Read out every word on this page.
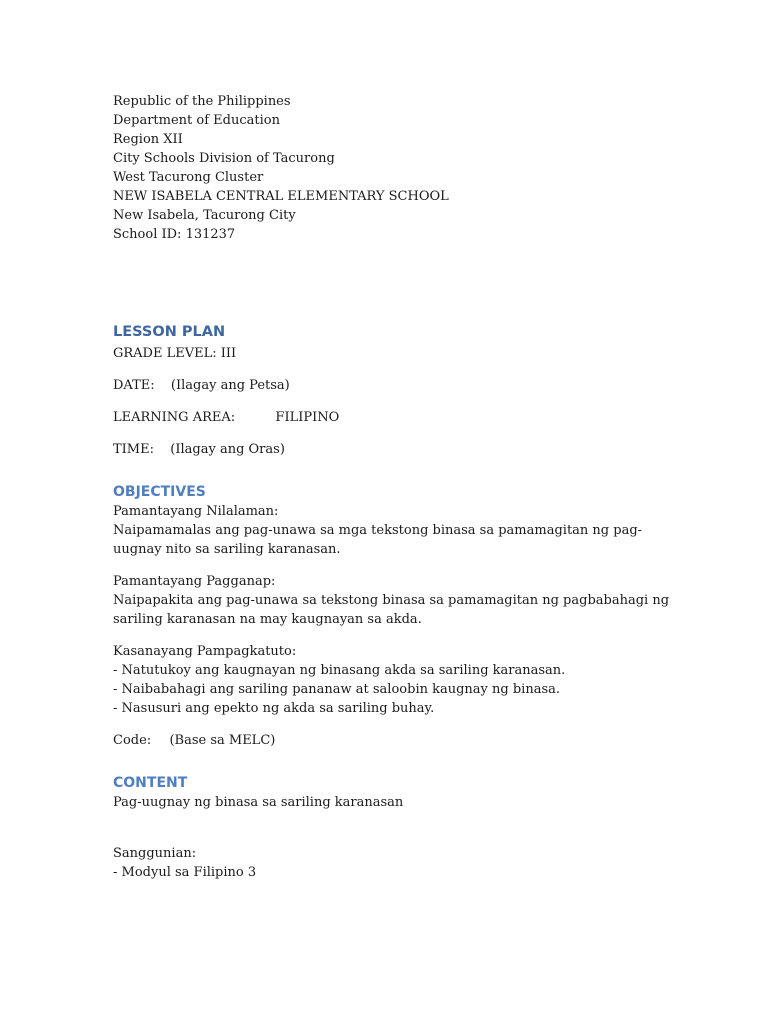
Republic of the Philippines

Department of Education

Region XII

City Schools Division of Tacurong

West Tacurong Cluster

NEW ISABELA CENTRAL ELEMENTARY SCHOOL

New Isabela, Tacurong City

School ID: 131237

LESSON PLAN

GRADE LEVEL: III

DATE: (Ilagay ang Petsa)

LEARNING AREA:	FILIPINO

TIME: (Ilagay ang Oras)

OBJECTIVES

Pamantayang Nilalaman:

Naipamamalas ang pag-unawa sa mga tekstong binasa sa pamamagitan ng pag-uugnay nito sa sariling karanasan.

Pamantayang Pagganap:

Naipapakita ang pag-unawa sa tekstong binasa sa pamamagitan ng pagbabahagi ng sariling karanasan na may kaugnayan sa akda.

Kasanayang Pampagkatuto:

- Natutukoy ang kaugnayan ng binasang akda sa sariling karanasan.

- Naibabahagi ang sariling pananaw at saloobin kaugnay ng binasa.

- Nasusuri ang epekto ng akda sa sariling buhay.

Code: (Base sa MELC)

CONTENT

Pag-uugnay ng binasa sa sariling karanasan

Sanggunian:

- Modyul sa Filipino 3
